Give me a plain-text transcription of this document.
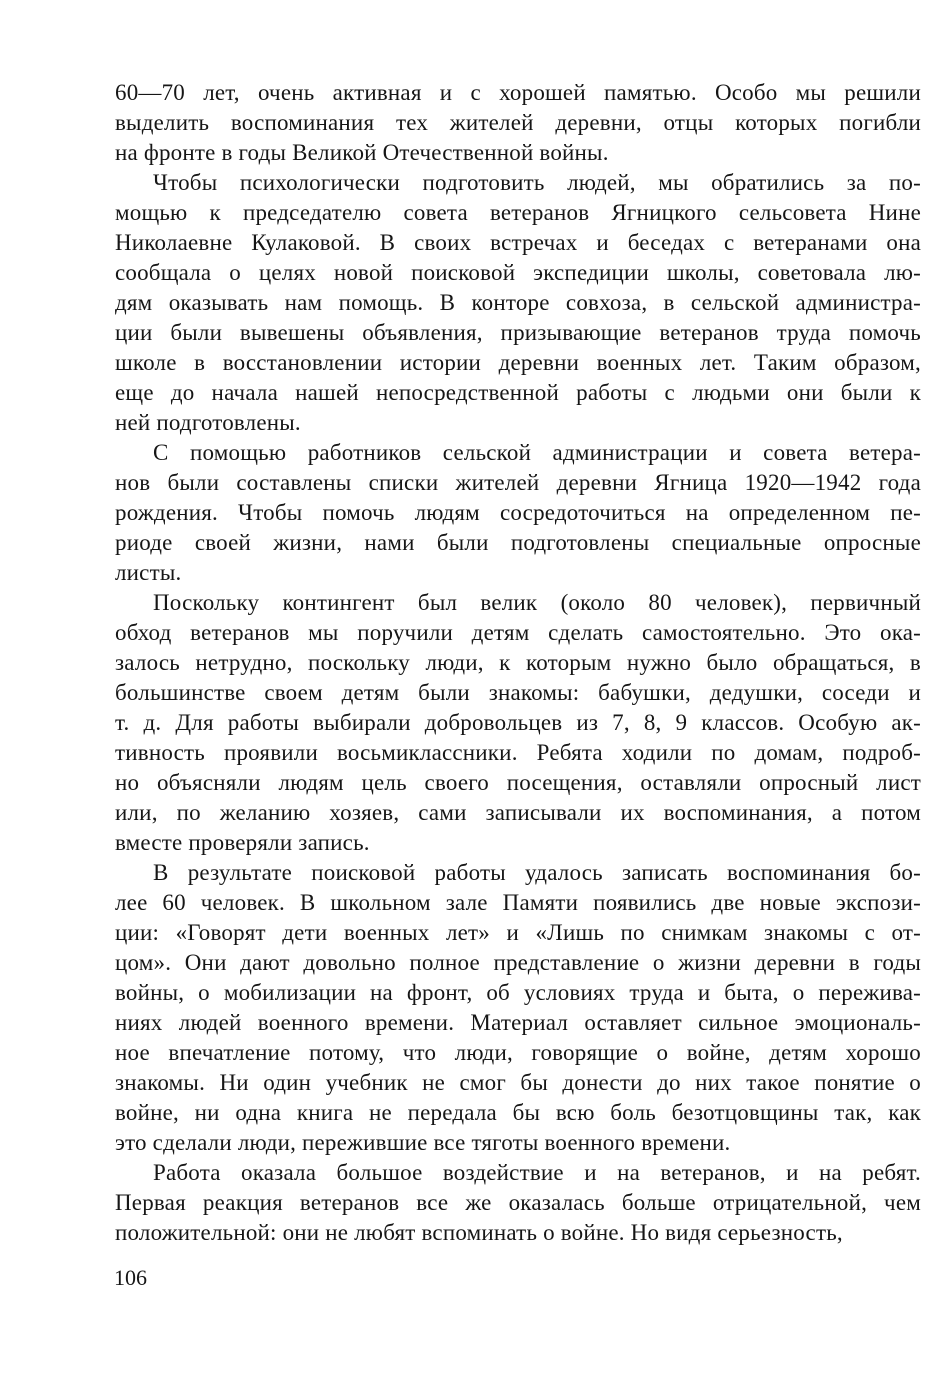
60—70 лет, очень активная и с хорошей памятью. Особо мы решили
выделить воспоминания тех жителей деревни, отцы которых погибли
на фронте в годы Великой Отечественной войны.
Чтобы психологически подготовить людей, мы обратились за по-
мощью к председателю совета ветеранов Ягницкого сельсовета Нине
Николаевне Кулаковой. В своих встречах и беседах с ветеранами она
сообщала о целях новой поисковой экспедиции школы, советовала лю-
дям оказывать нам помощь. В конторе совхоза, в сельской администра-
ции были вывешены объявления, призывающие ветеранов труда помочь
школе в восстановлении истории деревни военных лет. Таким образом,
еще до начала нашей непосредственной работы с людьми они были к
ней подготовлены.
С помощью работников сельской администрации и совета ветера-
нов были составлены списки жителей деревни Ягница 1920—1942 года
рождения. Чтобы помочь людям сосредоточиться на определенном пе-
риоде своей жизни, нами были подготовлены специальные опросные
листы.
Поскольку контингент был велик (около 80 человек), первичный
обход ветеранов мы поручили детям сделать самостоятельно. Это ока-
залось нетрудно, поскольку люди, к которым нужно было обращаться, в
большинстве своем детям были знакомы: бабушки, дедушки, соседи и
т. д. Для работы выбирали добровольцев из 7, 8, 9 классов. Особую ак-
тивность проявили восьмиклассники. Ребята ходили по домам, подроб-
но объясняли людям цель своего посещения, оставляли опросный лист
или, по желанию хозяев, сами записывали их воспоминания, а потом
вместе проверяли запись.
В результате поисковой работы удалось записать воспоминания бо-
лее 60 человек. В школьном зале Памяти появились две новые экспози-
ции: «Говорят дети военных лет» и «Лишь по снимкам знакомы с от-
цом». Они дают довольно полное представление о жизни деревни в годы
войны, о мобилизации на фронт, об условиях труда и быта, о пережива-
ниях людей военного времени. Материал оставляет сильное эмоциональ-
ное впечатление потому, что люди, говорящие о войне, детям хорошо
знакомы. Ни один учебник не смог бы донести до них такое понятие о
войне, ни одна книга не передала бы всю боль безотцовщины так, как
это сделали люди, пережившие все тяготы военного времени.
Работа оказала большое воздействие и на ветеранов, и на ребят.
Первая реакция ветеранов все же оказалась больше отрицательной, чем
положительной: они не любят вспоминать о войне. Но видя серьезность,
106
